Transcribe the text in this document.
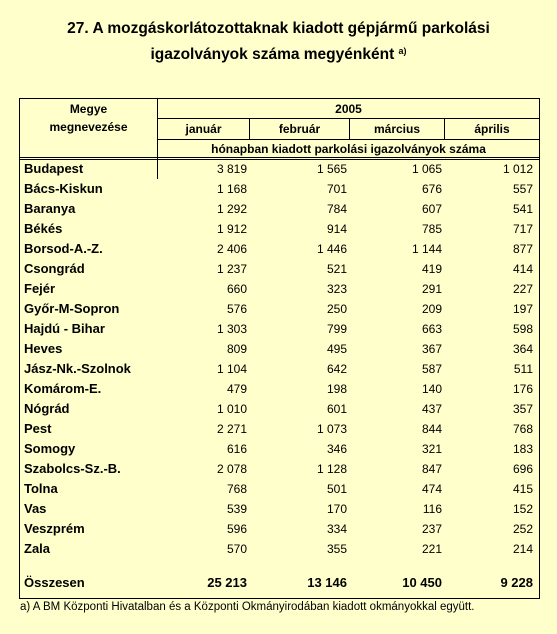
27. A mozgáskorlátozottaknak kiadott gépjármű parkolási
igazolványok száma megyénként $^{a)}$
Megye
megnevezése
2005
január	február	március	április
hónapban kiadott parkolási igazolványok száma
Budapest	3 819	1 565	1 065	1 012
Bács-Kiskun	1 168	701	676	557
Baranya	1 292	784	607	541
Békés	1 912	914	785	717
Borsod-A.-Z.	2 406	1 446	1 144	877
Csongrád	1 237	521	419	414
Fejér	660	323	291	227
Győr-M-Sopron	576	250	209	197
Hajdú - Bihar	1 303	799	663	598
Heves	809	495	367	364
Jász-Nk.-Szolnok	1 104	642	587	511
Komárom-E.	479	198	140	176
Nógrád	1 010	601	437	357
Pest	2 271	1 073	844	768
Somogy	616	346	321	183
Szabolcs-Sz.-B.	2 078	1 128	847	696
Tolna	768	501	474	415
Vas	539	170	116	152
Veszprém	596	334	237	252
Zala	570	355	221	214
Összesen	25 213	13 146	10 450	9 228
a) A BM Központi Hivatalban és a Központi Okmányirodában kiadott okmányokkal együtt.
